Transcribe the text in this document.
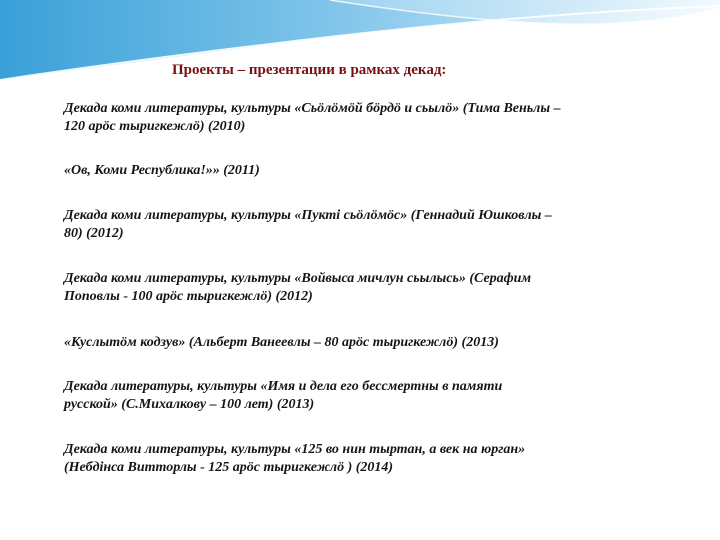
Проекты – презентации в рамках декад:
Декада коми литературы, культуры «Сьöлöмöй бöрдö и сьылö» (Тима Веньлы –
120 арöс тыригкежлö) (2010)
«Ов, Коми Республика!»» (2011)
Декада коми литературы, культуры «Пукті сьöлöмöс» (Геннадий Юшковлы –
80) (2012)
Декада коми литературы, культуры «Войвыса мичлун сьылысь» (Серафим
Поповлы - 100 арöс тыригкежлö) (2012)
«Куслытöм кодзув» (Альберт Ванеевлы – 80 арöс тыригкежлö) (2013)
Декада литературы, культуры «Имя и дела его бессмертны в памяти
русской» (С.Михалкову – 100 лет) (2013)
Декада коми литературы, культуры «125 во нин тыртан, а век на юрган»
(Небдінса Витторлы - 125 арöс тыригкежлö ) (2014)
